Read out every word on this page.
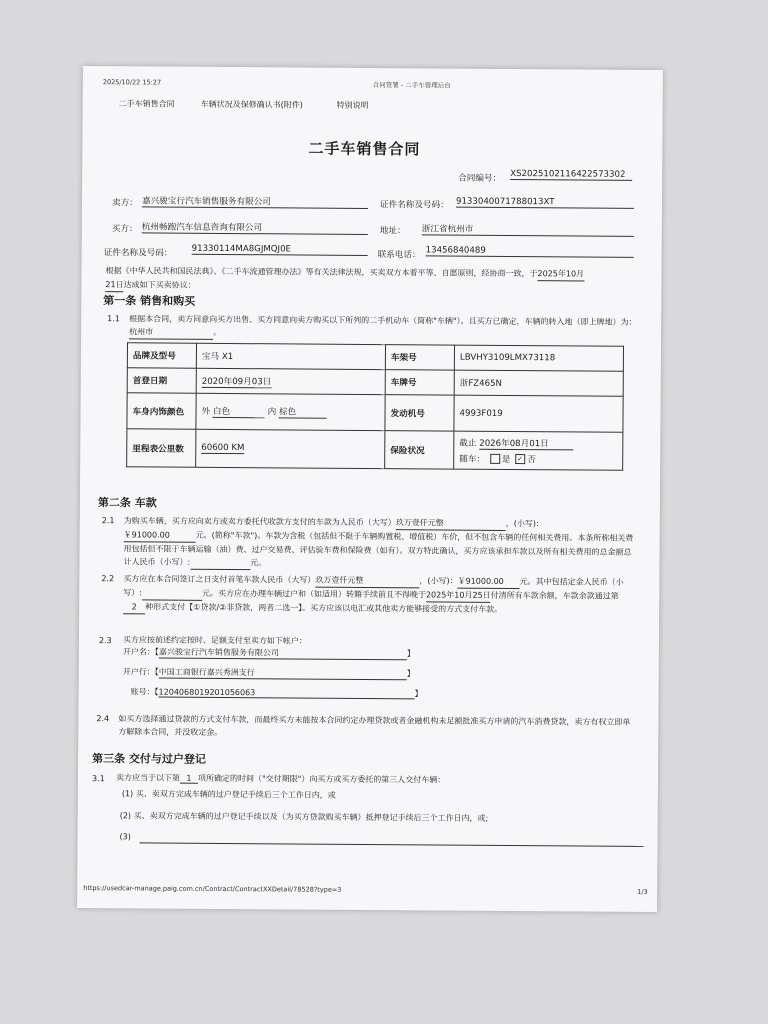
2025/10/22 15:27	合同签署 - 二手车管理后台
二手车销售合同	车辆状况及保修确认书(附件)	特别说明
二手车销售合同
合同编号： XS2025102116422573302
卖方： 嘉兴骏宝行汽车销售服务有限公司	证件名称及号码： 9133040071788013XT
买方： 杭州畅跑汽车信息咨询有限公司	地址： 浙江省杭州市
证件名称及号码： 91330114MA8GJMQJ0E
联系电话： 13456840489
根据《中华人民共和国民法典》、《二手车流通管理办法》等有关法律法规，买卖双方本着平等、自愿原则，经协商一致，于2025年10月
21日达成如下买卖协议：
第一条 销售和购买
1.1 根据本合同，卖方同意向买方出售、买方同意向卖方购买以下所列的二手机动车（简称"车辆"）。且买方已确定，车辆的转入地（即上牌地）为：杭州市	。
品牌及型号	宝马 X1	车架号	LBVHY3109LMX73118
首登日期	2020年09月03日	车牌号	浙FZ465N
车身内饰颜色	外 白色 内 棕色	发动机号	4993F019
里程表公里数	60600 KM	保险状况	截止 2026年08月01日
随车： 是 ✓ 否
第二条 车款
2.1 为购买车辆，买方应向卖方或卖方委托代收款方支付的车款为人民币（大写）玖万壹仟元整	，(小写):
￥91000.00	元。(简称"车款")。车款为含税（包括但不限于车辆购置税、增值税）车价，但不包含车辆的任何相关费用。本条所称相关费用包括但不限于车辆运输（油）费、过户交易费、评估验车费和保险费（如有）。双方特此确认，买方应该承担车款以及所有相关费用的总金额总计人民币（小写）:	元。
2.2 买方应在本合同签订之日支付首笔车款人民币（大写）玖万壹仟元整	，(小写)：￥91000.00 元。其中包括定金人民币（小写）:	元。买方应在办理车辆过户和（如适用）转籍手续前且不得晚于2025年10月25日付清所有车款余额，车款余款通过第2 种形式支付【①贷款/②非贷款，两者二选一】。买方应该以电汇或其他卖方能够接受的方式支付车款。
2.3 买方应按前述约定按时、足额支付至卖方如下帐户：
开户名：【嘉兴骏宝行汽车销售服务有限公司	】
开户行：【中国工商银行嘉兴秀洲支行	】
账号：【1204068019201056063	】
2.4 如买方选择通过贷款的方式支付车款，而最终买方未能按本合同约定办理贷款或者金融机构未足额批准买方申请的汽车消费贷款，卖方有权立即单方解除本合同，并没收定金。
第三条 交付与过户登记
3.1 卖方应当于以下第 1 项所确定的时间（"交付期限"）向买方或买方委托的第三人交付车辆：
(1) 买、卖双方完成车辆的过户登记手续后三个工作日内，或
(2) 买、卖双方完成车辆的过户登记手续以及（为买方贷款购买车辆）抵押登记手续后三个工作日内，或;
(3)
https://usedcar-manage.paig.com.cn/Contract/ContractXXDetail/78528?type=3	1/3
